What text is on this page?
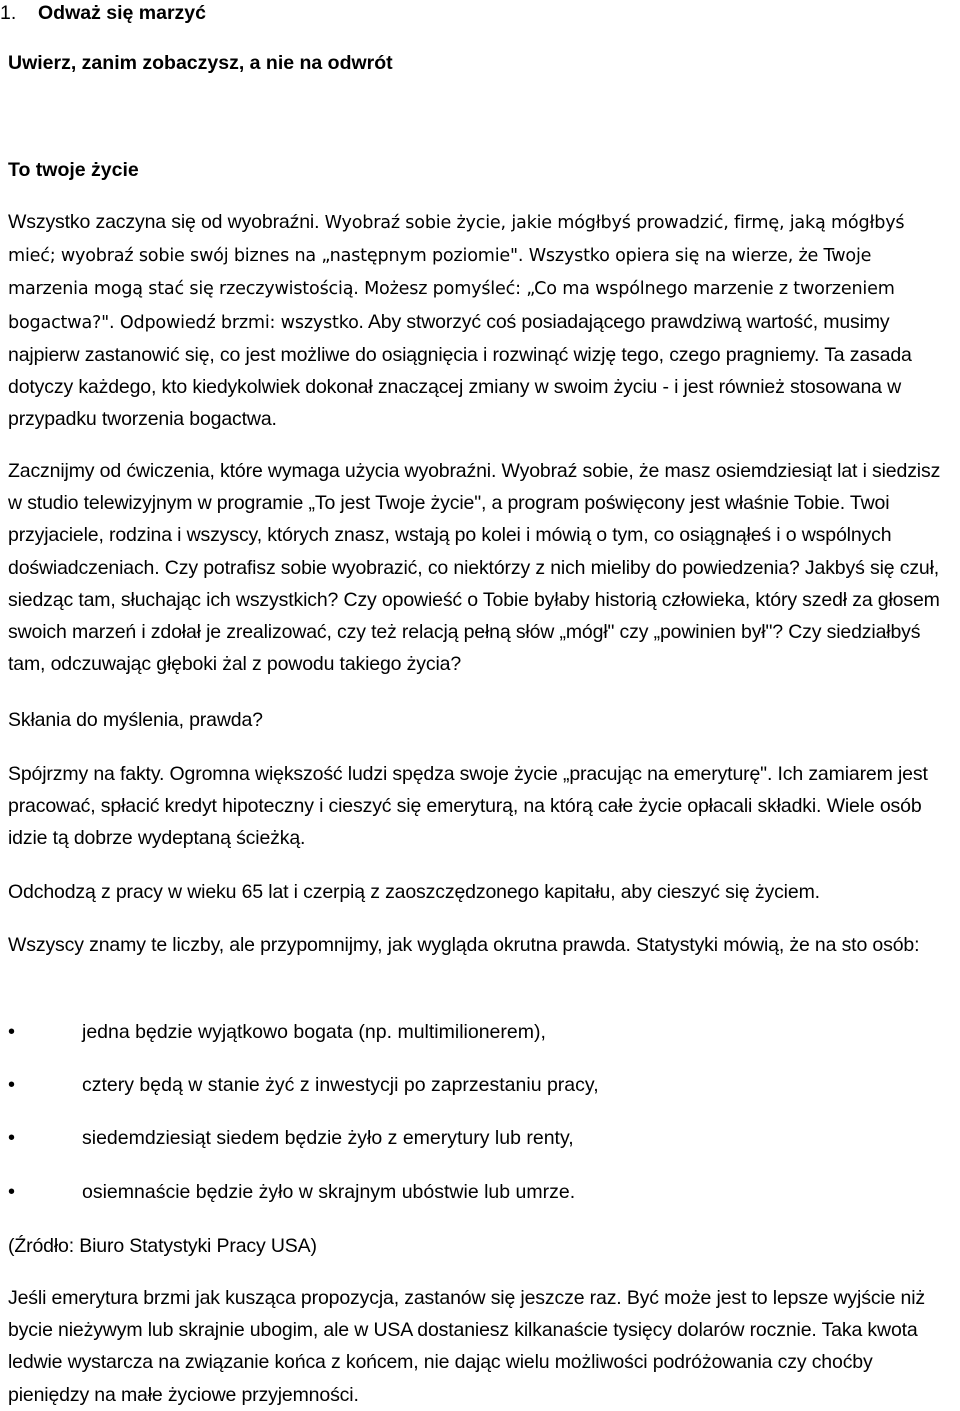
1. Odważ się marzyć
Uwierz, zanim zobaczysz, a nie na odwrót
To twoje życie

Wszystko zaczyna się od wyobraźni. Wyobraź sobie życie, jakie mógłbyś prowadzić, firmę, jaką mógłbyś mieć; wyobraź sobie swój biznes na „następnym poziomie". Wszystko opiera się na wierze, że Twoje marzenia mogą stać się rzeczywistością. Możesz pomyśleć: „Co ma wspólnego marzenie z tworzeniem bogactwa?". Odpowiedź brzmi: wszystko. Aby stworzyć coś posiadającego prawdziwą wartość, musimy najpierw zastanowić się, co jest możliwe do osiągnięcia i rozwinąć wizję tego, czego pragniemy. Ta zasada dotyczy każdego, kto kiedykolwiek dokonał znaczącej zmiany w swoim życiu - i jest również stosowana w przypadku tworzenia bogactwa.

Zacznijmy od ćwiczenia, które wymaga użycia wyobraźni. Wyobraź sobie, że masz osiemdziesiąt lat i siedzisz w studio telewizyjnym w programie „To jest Twoje życie", a program poświęcony jest właśnie Tobie. Twoi przyjaciele, rodzina i wszyscy, których znasz, wstają po kolei i mówią o tym, co osiągnąłeś i o wspólnych doświadczeniach. Czy potrafisz sobie wyobrazić, co niektórzy z nich mieliby do powiedzenia? Jakbyś się czuł, siedząc tam, słuchając ich wszystkich? Czy opowieść o Tobie byłaby historią człowieka, który szedł za głosem swoich marzeń i zdołał je zrealizować, czy też relacją pełną słów „mógł" czy „powinien był"? Czy siedziałbyś tam, odczuwając głęboki żal z powodu takiego życia?

Skłania do myślenia, prawda?

Spójrzmy na fakty. Ogromna większość ludzi spędza swoje życie „pracując na emeryturę". Ich zamiarem jest pracować, spłacić kredyt hipoteczny i cieszyć się emeryturą, na którą całe życie opłacali składki. Wiele osób idzie tą dobrze wydeptaną ścieżką.

Odchodzą z pracy w wieku 65 lat i czerpią z zaoszczędzonego kapitału, aby cieszyć się życiem.

Wszyscy znamy te liczby, ale przypomnijmy, jak wygląda okrutna prawda. Statystyki mówią, że na sto osób:

•	jedna będzie wyjątkowo bogata (np. multimilionerem),
•	cztery będą w stanie żyć z inwestycji po zaprzestaniu pracy,
•	siedemdziesiąt siedem będzie żyło z emerytury lub renty,
•	osiemnaście będzie żyło w skrajnym ubóstwie lub umrze.

(Źródło: Biuro Statystyki Pracy USA)

Jeśli emerytura brzmi jak kusząca propozycja, zastanów się jeszcze raz. Być może jest to lepsze wyjście niż bycie nieżywym lub skrajnie ubogim, ale w USA dostaniesz kilkanaście tysięcy dolarów rocznie. Taka kwota ledwie wystarcza na związanie końca z końcem, nie dając wielu możliwości podróżowania czy choćby pieniędzy na małe życiowe przyjemności.
